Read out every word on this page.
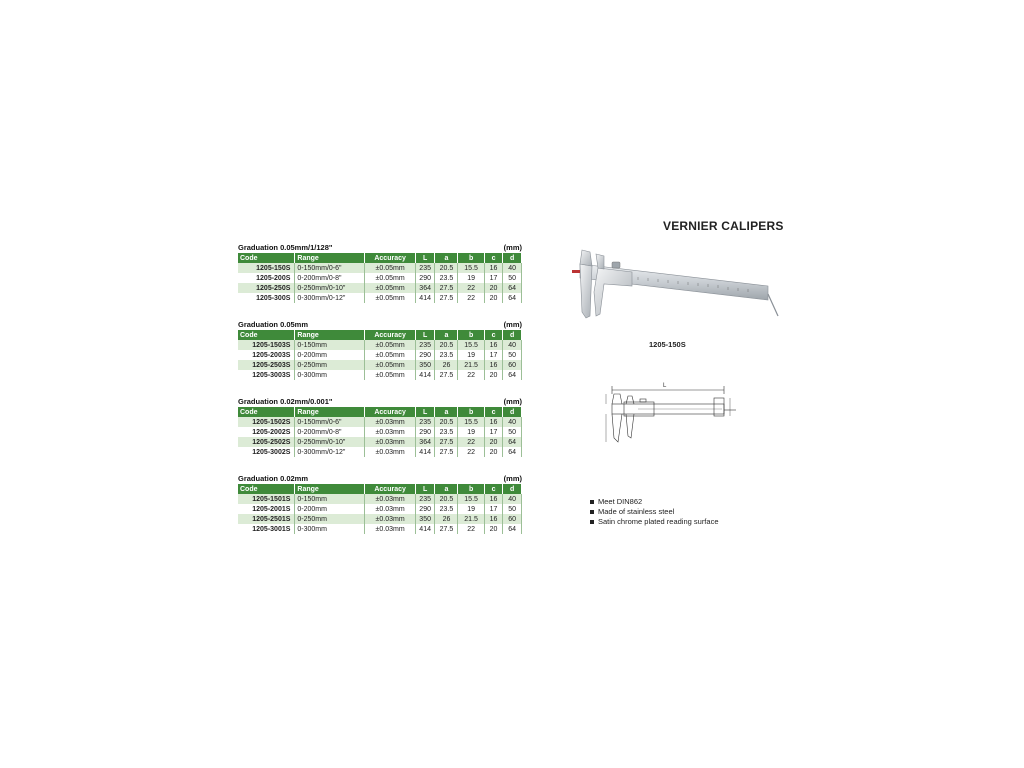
Graduation 0.05mm/1/128"	(mm)
Code	Range	Accuracy	L	a	b	c	d
1205-150S	0-150mm/0-6"	±0.05mm	235	20.5	15.5	16	40
1205-200S	0-200mm/0-8"	±0.05mm	290	23.5	19	17	50
1205-250S	0-250mm/0-10"	±0.05mm	364	27.5	22	20	64
1205-300S	0-300mm/0-12"	±0.05mm	414	27.5	22	20	64
Graduation 0.05mm	(mm)
Code	Range	Accuracy	L	a	b	c	d
1205-1503S	0-150mm	±0.05mm	235	20.5	15.5	16	40
1205-2003S	0-200mm	±0.05mm	290	23.5	19	17	50
1205-2503S	0-250mm	±0.05mm	350	26	21.5	16	60
1205-3003S	0-300mm	±0.05mm	414	27.5	22	20	64
Graduation 0.02mm/0.001"	(mm)
Code	Range	Accuracy	L	a	b	c	d
1205-1502S	0-150mm/0-6"	±0.03mm	235	20.5	15.5	16	40
1205-2002S	0-200mm/0-8"	±0.03mm	290	23.5	19	17	50
1205-2502S	0-250mm/0-10"	±0.03mm	364	27.5	22	20	64
1205-3002S	0-300mm/0-12"	±0.03mm	414	27.5	22	20	64
Graduation 0.02mm	(mm)
Code	Range	Accuracy	L	a	b	c	d
1205-1501S	0-150mm	±0.03mm	235	20.5	15.5	16	40
1205-2001S	0-200mm	±0.03mm	290	23.5	19	17	50
1205-2501S	0-250mm	±0.03mm	350	26	21.5	16	60
1205-3001S	0-300mm	±0.03mm	414	27.5	22	20	64
VERNIER CALIPERS
1205-150S
L
Meet DIN862
Made of stainless steel
Satin chrome plated reading surface
